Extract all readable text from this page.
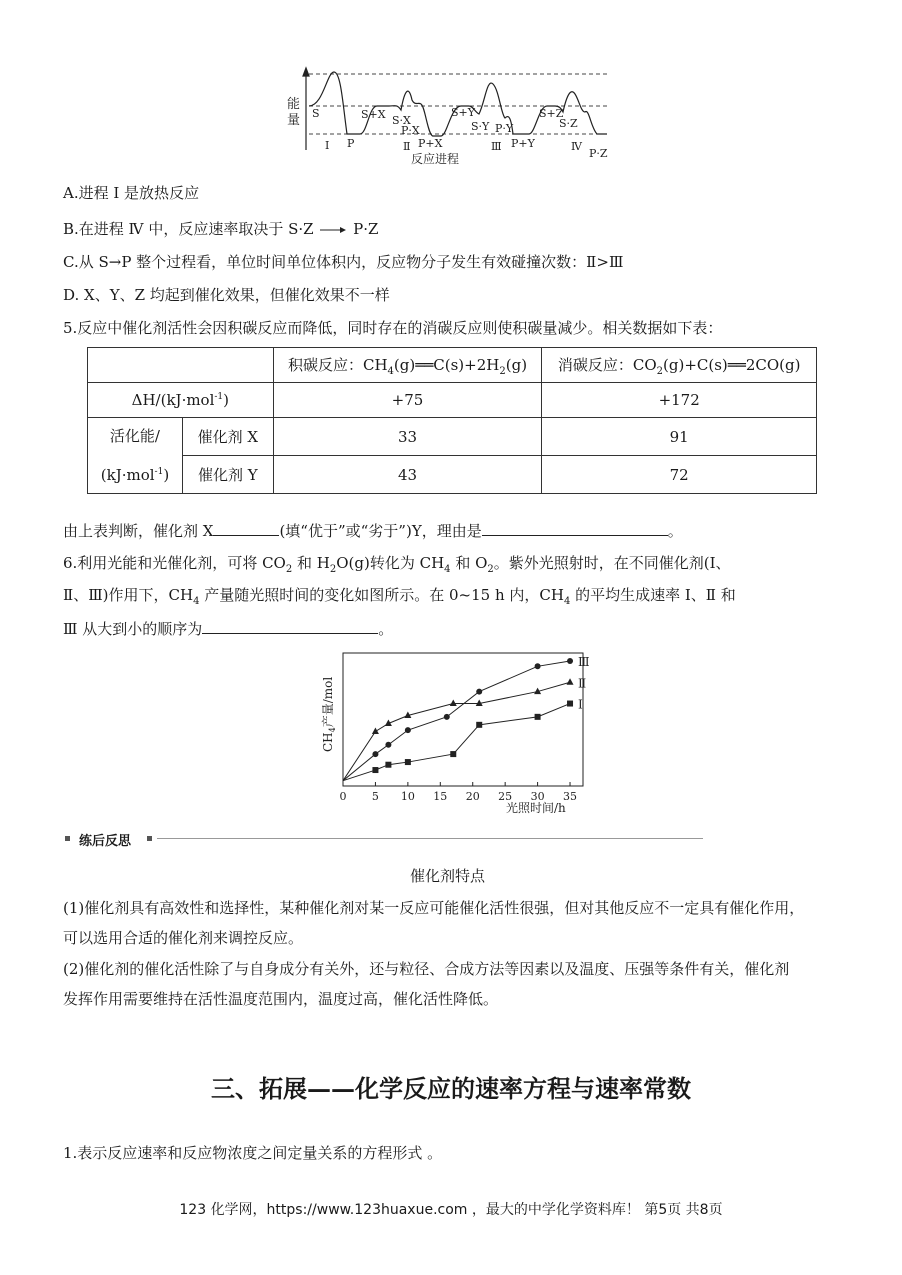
能
量 S	S+X S·X
P·X
P+X
S+Y
S·Y P·Y
P+Y
S+Z
S·Z
P·Z
P
Ⅰ	Ⅱ	Ⅲ	Ⅳ
反应进程
A.进程 Ⅰ 是放热反应
B.在进程 Ⅳ 中，反应速率取决于 S·Z → P·Z
C.从 S→P 整个过程看，单位时间单位体积内，反应物分子发生有效碰撞次数：Ⅱ>Ⅲ
D. X、Y、Z 均起到催化效果，但催化效果不一样
5.反应中催化剂活性会因积碳反应而降低，同时存在的消碳反应则使积碳量减少。相关数据如下表：
		积碳反应：$CH_4(g)══C(s)+2H_2(g)$	消碳反应：$CO_2(g)+C(s)══2CO(g)$
ΔH/(kJ·mol$^{-1}$)		+75	+172

活化能/
(kJ·mol$^{-1}$)	催化剂 X	33	91
	催化剂 Y	43	72
由上表判断，催化剂 X	(填“优于”或“劣于”)Y，理由是	。
6.利用光能和光催化剂，可将 $CO_2$ 和 $H_2O(g)$转化为 $CH_4$ 和 $O_2$。紫外光照射时，在不同催化剂(Ⅰ、
Ⅱ、Ⅲ)作用下，$CH_4$ 产量随光照时间的变化如图所示。在 0~15 h 内，$CH_4$ 的平均生成速率 Ⅰ、Ⅱ 和
Ⅲ 从大到小的顺序为	。
$CH_4$产量/mol
光照时间/h
0 5 10 15 20 25 30 35
Ⅲ
Ⅱ
Ⅰ
练后反思
催化剂特点
(1)催化剂具有高效性和选择性，某种催化剂对某一反应可能催化活性很强，但对其他反应不一定具有催化作用，
可以选用合适的催化剂来调控反应。
(2)催化剂的催化活性除了与自身成分有关外，还与粒径、合成方法等因素以及温度、压强等条件有关，催化剂
发挥作用需要维持在活性温度范围内，温度过高，催化活性降低。
三、拓展——化学反应的速率方程与速率常数
1.表示反应速率和反应物浓度之间定量关系的方程形式 。
123 化学网，https://www.123huaxue.com ，最大的中学化学资料库！ 第5页 共8页
